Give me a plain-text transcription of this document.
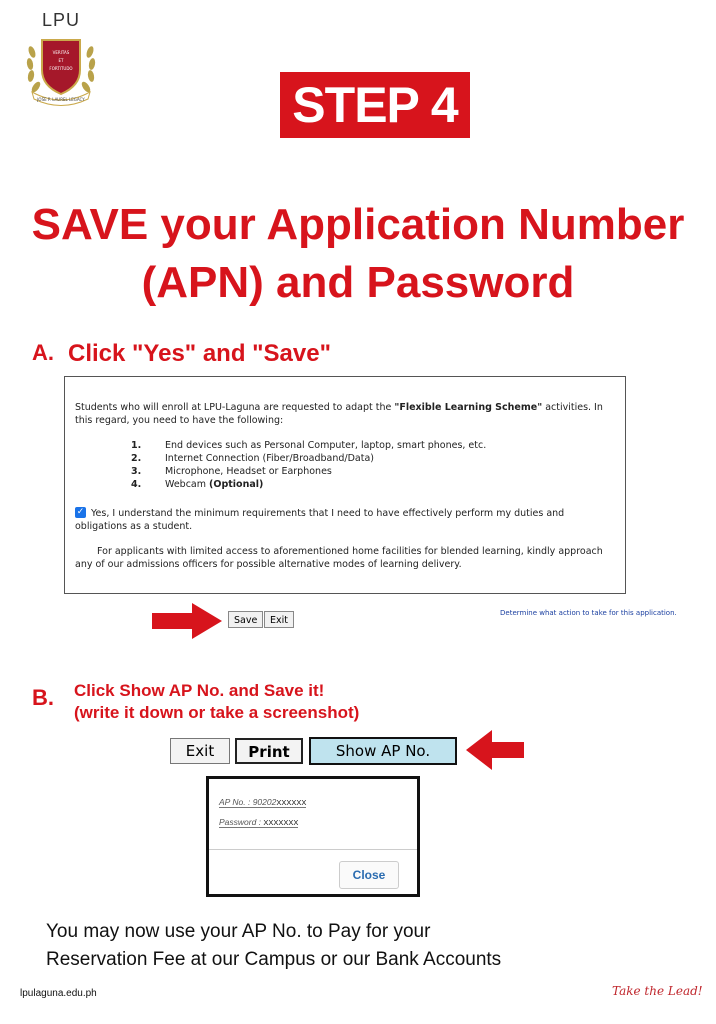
LPU
VERITAS
ET
FORTITUDO
JOSE P. LAUREL LEGACY	STEP 4
SAVE your Application Number
(APN) and Password
A. Click "Yes" and "Save"
Students who will enroll at LPU-Laguna are requested to adapt the "Flexible Learning Scheme" activities. In this regard, you need to have the following:
1.	End devices such as Personal Computer, laptop, smart phones, etc.
2.	Internet Connection (Fiber/Broadband/Data)
3.	Microphone, Headset or Earphones
4.	Webcam (Optional)
Yes, I understand the minimum requirements that I need to have effectively perform my duties and obligations as a student.
✓
For applicants with limited access to aforementioned home facilities for blended learning, kindly approach any of our admissions officers for possible alternative modes of learning delivery.
Save	Exit
Determine what action to take for this application.
B. Click Show AP No. and Save it!
(write it down or take a screenshot)
Exit	Print	Show AP No.
AP No. : 90202XXXXXX
Password : XXXXXXX
Close
You may now use your AP No. to Pay for your
Reservation Fee at our Campus or our Bank Accounts
lpulaguna.edu.ph	Take the Lead!
